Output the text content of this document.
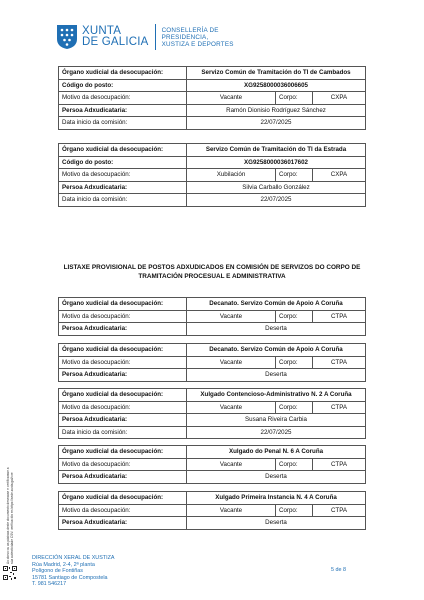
XUNTA
DE GALICIA
CONSELLERÍA DE
PRESIDENCIA,
XUSTIZA E DEPORTES
Órgano xudicial da desocupación:	Servizo Común de Tramitación do TI de Cambados		
Código do posto:	XG9258000036006605		
Motivo da desocupación:	Vacante	Corpo:	CXPA
Persoa Adxudicataria:	Ramón Dionisio Rodríguez Sánchez		
Data inicio da comisión:	22/07/2025		
Órgano xudicial da desocupación:	Servizo Común de Tramitación do TI da Estrada		
Código do posto:	XG9258000036017602		
Motivo da desocupación:	Xubilación	Corpo:	CXPA
Persoa Adxudicataria:	Silvia Carballo González		
Data inicio da comisión:	22/07/2025		
LISTAXE PROVISIONAL DE POSTOS ADXUDICADOS EN COMISIÓN DE SERVIZOS DO CORPO DE TRAMITACIÓN PROCESUAL E ADMINISTRATIVA
Órgano xudicial da desocupación:	Decanato. Servizo Común de Apoio A Coruña		
Motivo da desocupación:	Vacante	Corpo:	CTPA
Persoa Adxudicataria:	Deserta		
Órgano xudicial da desocupación:	Decanato. Servizo Común de Apoio A Coruña		
Motivo da desocupación:	Vacante	Corpo:	CTPA
Persoa Adxudicataria:	Deserta		
Órgano xudicial da desocupación:	Xulgado Contencioso-Administrativo N. 2 A Coruña		
Motivo da desocupación:	Vacante	Corpo:	CTPA
Persoa Adxudicataria:	Susana Riveira Carbia		
Data inicio da comisión:	22/07/2025		
Órgano xudicial da desocupación:	Xulgado do Penal N. 6 A Coruña		
Motivo da desocupación:	Vacante	Corpo:	CTPA
Persoa Adxudicataria:	Deserta		
Órgano xudicial da desocupación:	Xulgado Primeira Instancia N. 4 A Coruña		
Motivo da desocupación:	Vacante	Corpo:	CTPA
Persoa Adxudicataria:	Deserta		
Ao dorso ou as páxinas deste documento desexase e certificarase a súa autenticidade CSV: verificación en https://sede.xunta.gal/cve	DIRECCIÓN XERAL DE XUSTIZA
Rúa Madrid, 2-4, 2ª planta
Polígono de Fontiñas
15781 Santiago de Compostela
T. 981 546217
5 de 8
